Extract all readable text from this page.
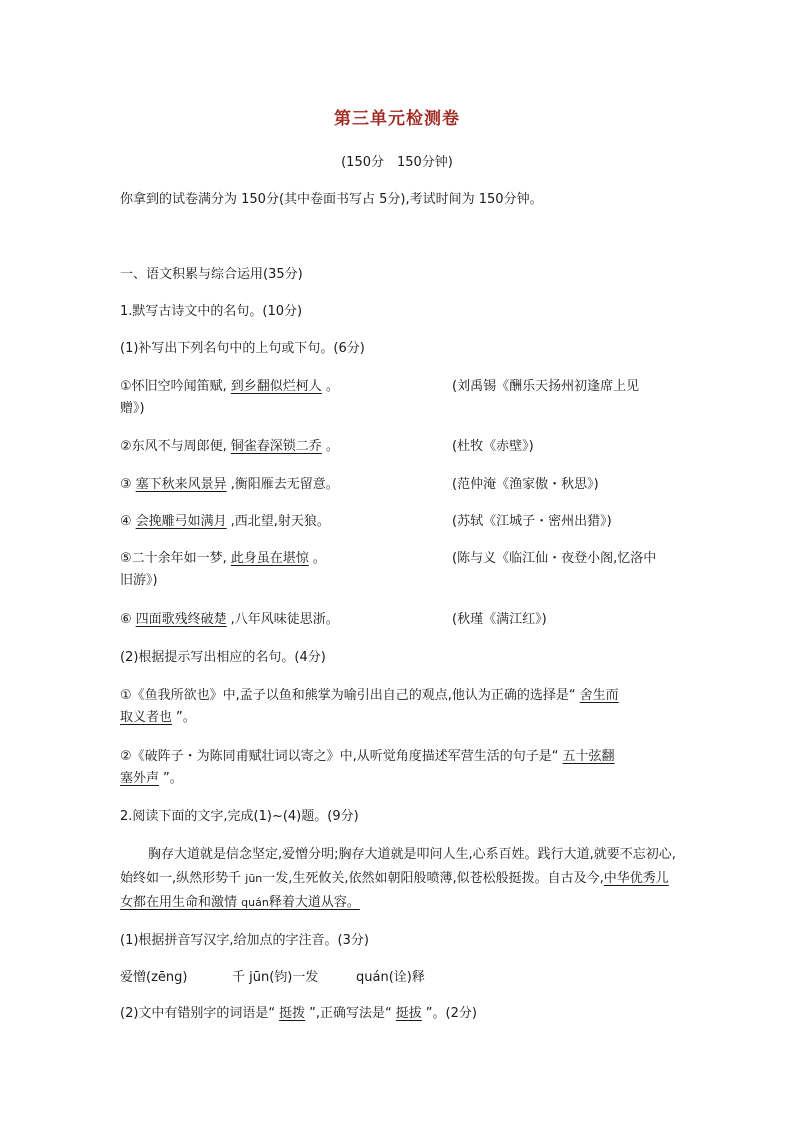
第三单元检测卷
(150分　150分钟)
你拿到的试卷满分为 150分(其中卷面书写占 5分),考试时间为 150分钟。
一、语文积累与综合运用(35分)
1.默写古诗文中的名句。(10分)
(1)补写出下列名句中的上句或下句。(6分)
①怀旧空吟闻笛赋, 到乡翻似烂柯人 。	(刘禹锡《酬乐天扬州初逢席上见
赠》)
②东风不与周郎便, 铜雀春深锁二乔 。	(杜牧《赤壁》)
③ 塞下秋来风景异 ,衡阳雁去无留意。	(范仲淹《渔家傲・秋思》)
④ 会挽雕弓如满月 ,西北望,射天狼。	(苏轼《江城子・密州出猎》)
⑤二十余年如一梦, 此身虽在堪惊 。	(陈与义《临江仙・夜登小阁,忆洛中
旧游》)
⑥ 四面歌残终破楚 ,八年风味徒思浙。	(秋瑾《满江红》)
(2)根据提示写出相应的名句。(4分)
①《鱼我所欲也》中,孟子以鱼和熊掌为喻引出自己的观点,他认为正确的选择是“ 舍生而
取义者也 ”。
②《破阵子・为陈同甫赋壮词以寄之》中,从听觉角度描述军营生活的句子是“ 五十弦翻
塞外声 ”。
2.阅读下面的文字,完成(1)~(4)题。(9分)
胸存大道就是信念坚定,爱憎分明;胸存大道就是叩问人生,心系百姓。践行大道,就要不忘初心,始终如一,纵然形势千 jūn一发,生死攸关,依然如朝阳般喷薄,似苍松般挺拨。自古及今,中华优秀儿女都在用生命和激情 quán释着大道从容。
(1)根据拼音写汉字,给加点的字注音。(3分)
爱憎(zēng)	千 jūn(钧)一发	quán(诠)释
(2)文中有错别字的词语是“ 挺拨 ”,正确写法是“ 挺拔 ”。(2分)
